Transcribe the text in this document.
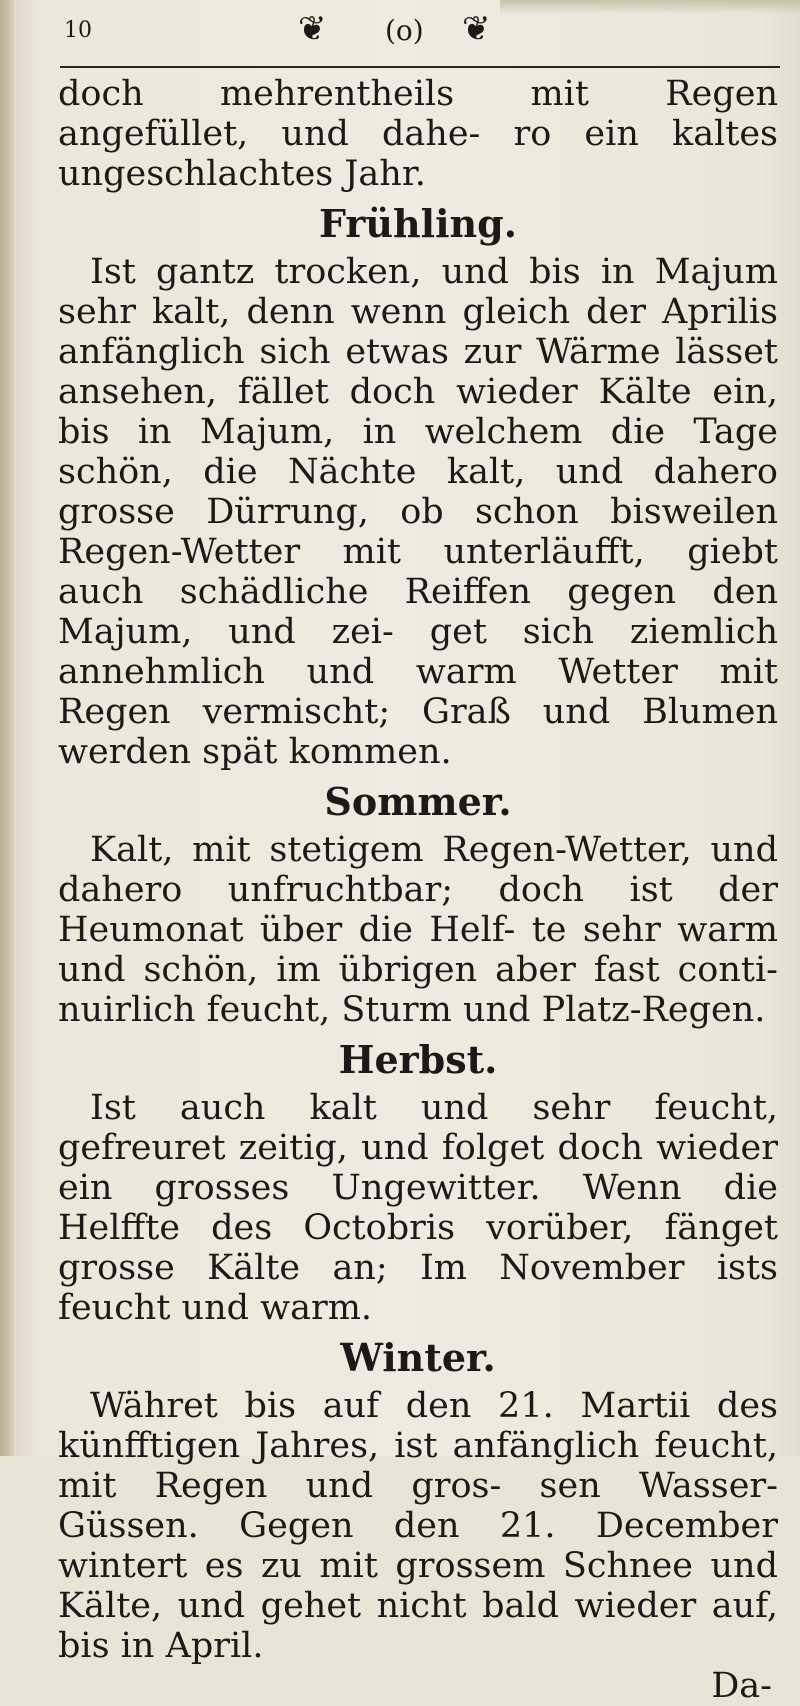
10	❦ (o) ❦

doch mehrentheils mit Regen angefüllet, und dahe- ro ein kaltes ungeschlachtes Jahr.

Frühling.

Ist gantz trocken, und bis in Majum sehr kalt, denn wenn gleich der Aprilis anfänglich sich etwas zur Wärme lässet ansehen, fället doch wieder Kälte ein, bis in Majum, in welchem die Tage schön, die Nächte kalt, und dahero grosse Dürrung, ob schon bisweilen Regen-Wetter mit unterläufft, giebt auch schädliche Reiffen gegen den Majum, und zei- get sich ziemlich annehmlich und warm Wetter mit Regen vermischt; Graß und Blumen werden spät kommen.

Sommer.

Kalt, mit stetigem Regen-Wetter, und dahero unfruchtbar; doch ist der Heumonat über die Helf- te sehr warm und schön, im übrigen aber fast conti- nuirlich feucht, Sturm und Platz-Regen.

Herbst.

Ist auch kalt und sehr feucht, gefreuret zeitig, und folget doch wieder ein grosses Ungewitter. Wenn die Helffte des Octobris vorüber, fänget grosse Kälte an; Im November ists feucht und warm.

Winter.

Währet bis auf den 21. Martii des künfftigen Jahres, ist anfänglich feucht, mit Regen und gros- sen Wasser-Güssen. Gegen den 21. December wintert es zu mit grossem Schnee und Kälte, und gehet nicht bald wieder auf, bis in April.

Da-
